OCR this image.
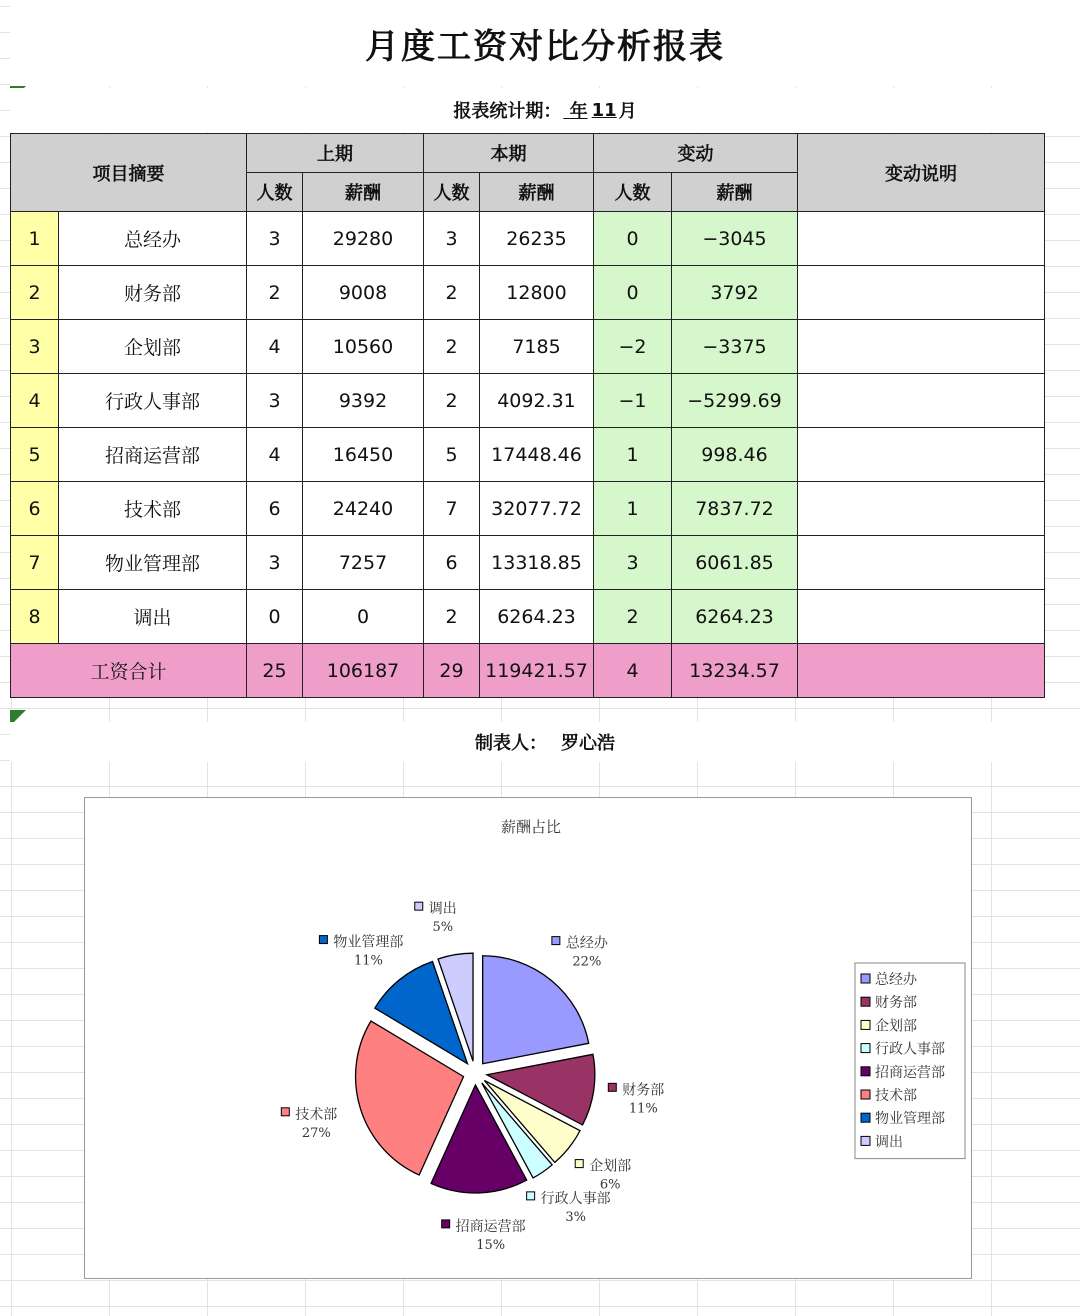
月度工资对比分析报表
报表统计期： 年 11 月
项目摘要		上期		本期		变动		变动说明
		人数	薪酬	人数	薪酬	人数	薪酬	
1	总经办	3	29280	3	26235	0	−3045	
2	财务部	2	9008	2	12800	0	3792	
3	企划部	4	10560	2	7185	−2	−3375	
4	行政人事部	3	9392	2	4092.31	−1	−5299.69	
5	招商运营部	4	16450	5	17448.46	1	998.46	
6	技术部	6	24240	7	32077.72	1	7837.72	
7	物业管理部	3	7257	6	13318.85	3	6061.85	
8	调出	0	0	2	6264.23	2	6264.23	
工资合计		25	106187	29	119421.57	4	13234.57	
制表人： 罗心浩
薪酬占比
总经办
22%
财务部
11%
企划部
6%
行政人事部
3%
招商运营部
15%
技术部
27%
物业管理部
11%
调出
5%
总经办
财务部
企划部
行政人事部
招商运营部
技术部
物业管理部
调出
